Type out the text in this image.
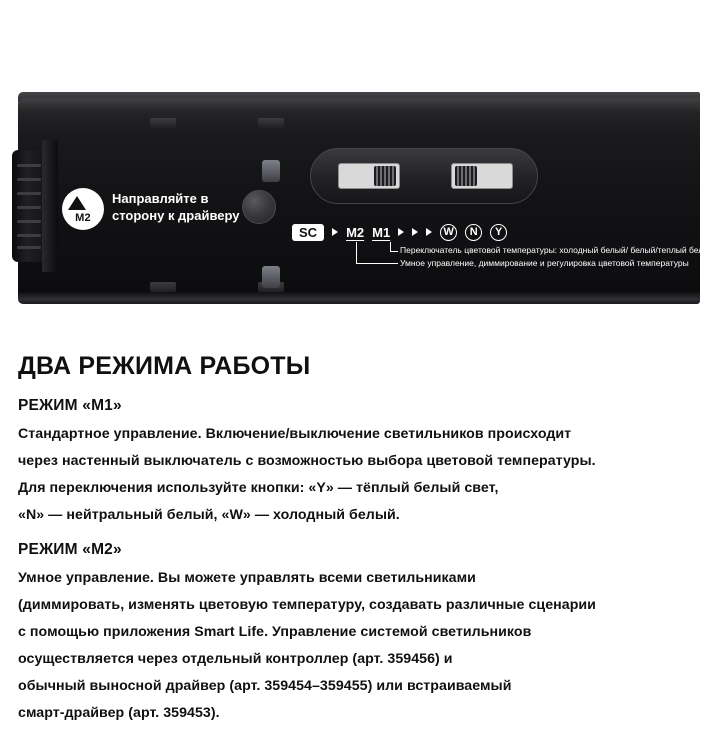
M2
Направляйте в сторону к драйверу
SC	M2 M1	W	N	Y
Переключатель цветовой температуры: холодный белый/ белый/теплый белый
Умное управление, диммирование и регулировка цветовой температуры
ДВА РЕЖИМА РАБОТЫ
РЕЖИМ «M1»

Стандартное управление. Включение/выключение светильников происходит

через настенный выключатель с возможностью выбора цветовой температуры.

Для переключения используйте кнопки: «Y» — тёплый белый свет,

«N» — нейтральный белый, «W» — холодный белый.

РЕЖИМ «M2»

Умное управление. Вы можете управлять всеми светильниками

(диммировать, изменять цветовую температуру, создавать различные сценарии

с помощью приложения Smart Life. Управление системой светильников

осуществляется через отдельный контроллер (арт. 359456) и

обычный выносной драйвер (арт. 359454–359455) или встраиваемый

смарт-драйвер (арт. 359453).
